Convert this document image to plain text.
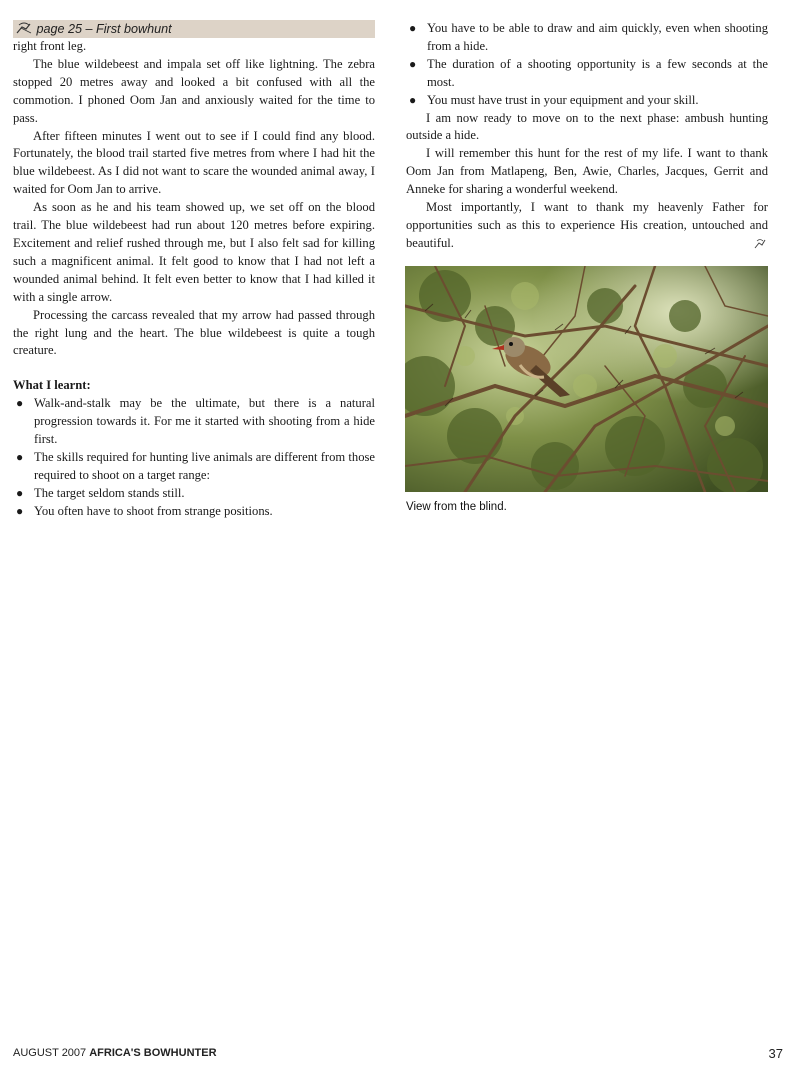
page 25 – First bowhunt

right front leg.

The blue wildebeest and impala set off like lightning. The zebra stopped 20 metres away and looked a bit confused with all the commotion. I phoned Oom Jan and anxiously waited for the time to pass.

After fifteen minutes I went out to see if I could find any blood. Fortunately, the blood trail started five metres from where I had hit the blue wildebeest. As I did not want to scare the wounded animal away, I waited for Oom Jan to arrive.

As soon as he and his team showed up, we set off on the blood trail. The blue wildebeest had run about 120 metres before expiring. Excitement and relief rushed through me, but I also felt sad for killing such a magnificent animal. It felt good to know that I had not left a wounded animal behind. It felt even better to know that I had killed it with a single arrow.

Processing the carcass revealed that my arrow had passed through the right lung and the heart. The blue wildebeest is quite a tough creature.

What I learnt:

● Walk-and-stalk may be the ultimate, but there is a natural progression towards it. For me it started with shooting from a hide first.
● The skills required for hunting live animals are different from those required to shoot on a target range:
● The target seldom stands still.
● You often have to shoot from strange positions.
● You have to be able to draw and aim quickly, even when shooting from a hide.
● The duration of a shooting opportunity is a few seconds at the most.
● You must have trust in your equipment and your skill.

I am now ready to move on to the next phase: ambush hunting outside a hide.

I will remember this hunt for the rest of my life. I want to thank Oom Jan from Matlapeng, Ben, Awie, Charles, Jacques, Gerrit and Anneke for sharing a wonderful weekend.

Most importantly, I want to thank my heavenly Father for opportunities such as this to experience His creation, untouched and beautiful.

View from the blind.
AUGUST 2007 AFRICA'S BOWHUNTER	37
